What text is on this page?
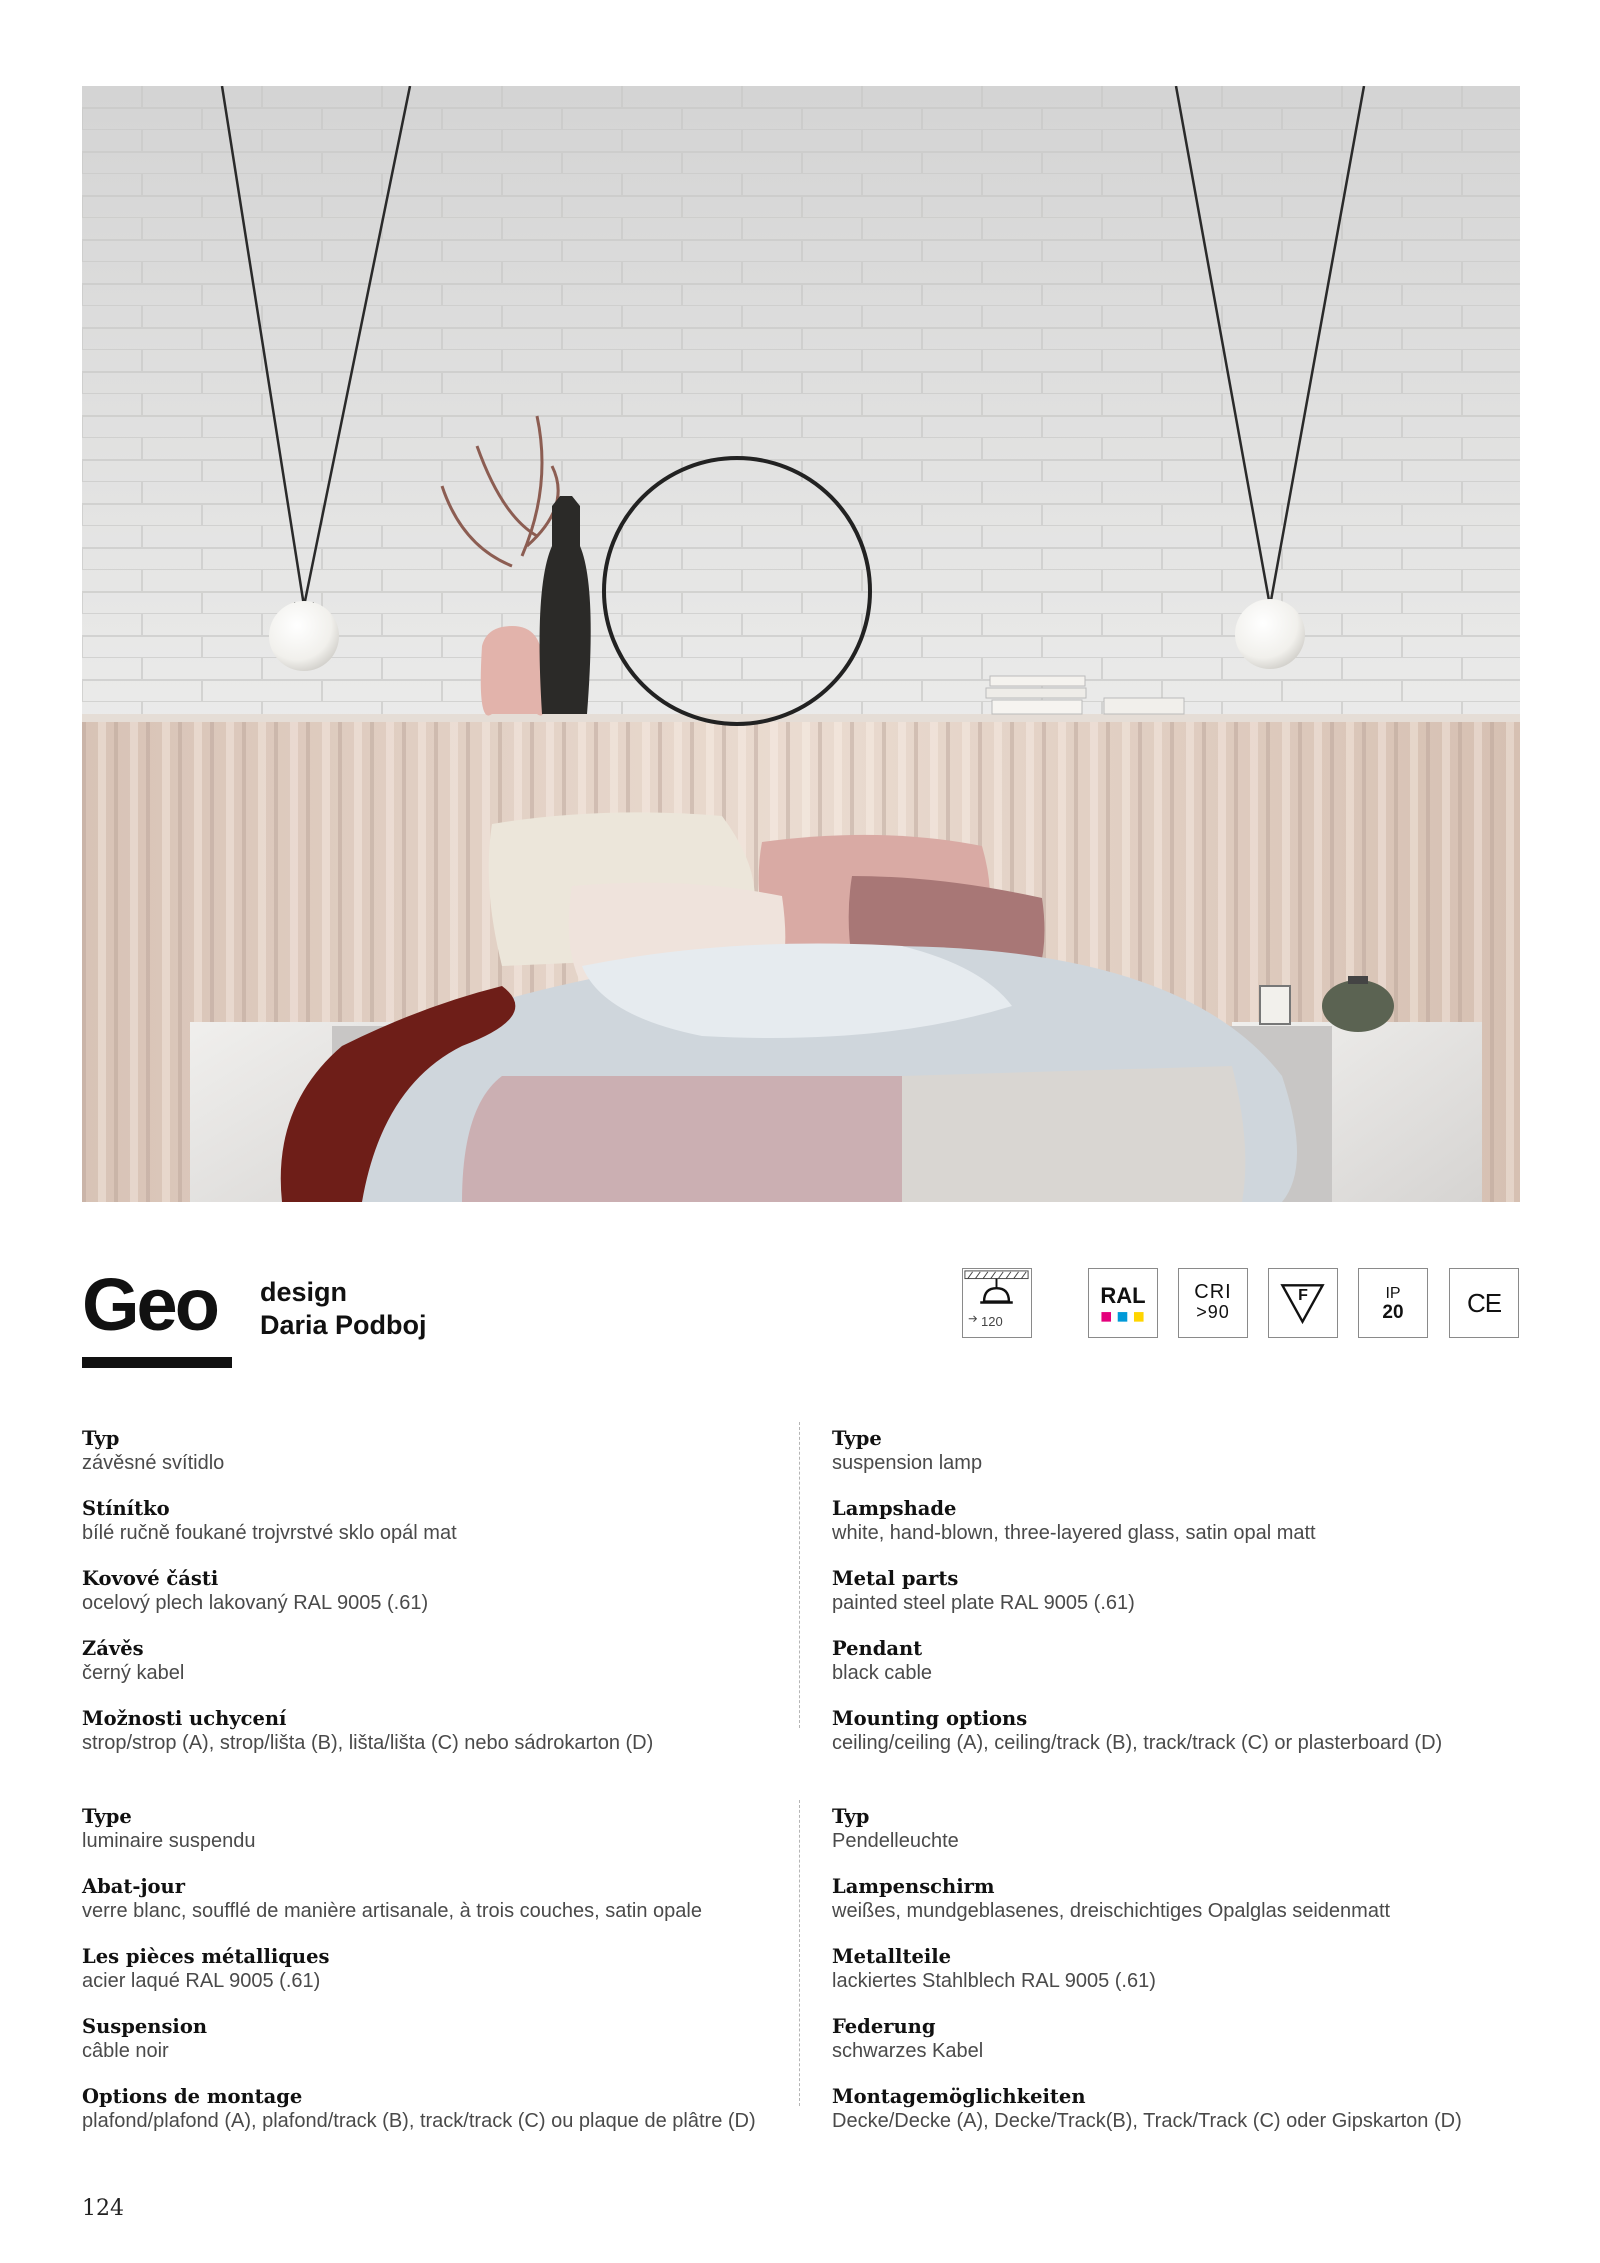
Geo design
Daria Podboj	120
RAL	CRI
>90
F	IP
20	CE
Typ
závěsné svítidlo
Stínítko
bílé ručně foukané trojvrstvé sklo opál mat
Kovové části
ocelový plech lakovaný RAL 9005 (.61)
Závěs
černý kabel
Možnosti uchycení
strop/strop (A), strop/lišta (B), lišta/lišta (C) nebo sádrokarton (D)
Type
suspension lamp
Lampshade
white, hand-blown, three-layered glass, satin opal matt
Metal parts
painted steel plate RAL 9005 (.61)
Pendant
black cable
Mounting options
ceiling/ceiling (A), ceiling/track (B), track/track (C) or plasterboard (D)
Type
luminaire suspendu
Abat-jour
verre blanc, soufflé de manière artisanale, à trois couches, satin opale
Les pièces métalliques
acier laqué RAL 9005 (.61)
Suspension
câble noir
Options de montage
plafond/plafond (A), plafond/track (B), track/track (C) ou plaque de plâtre (D)
Typ
Pendelleuchte
Lampenschirm
weißes, mundgeblasenes, dreischichtiges Opalglas seidenmatt
Metallteile
lackiertes Stahlblech RAL 9005 (.61)
Federung
schwarzes Kabel
Montagemöglichkeiten
Decke/Decke (A), Decke/Track(B), Track/Track (C) oder Gipskarton (D)
124
